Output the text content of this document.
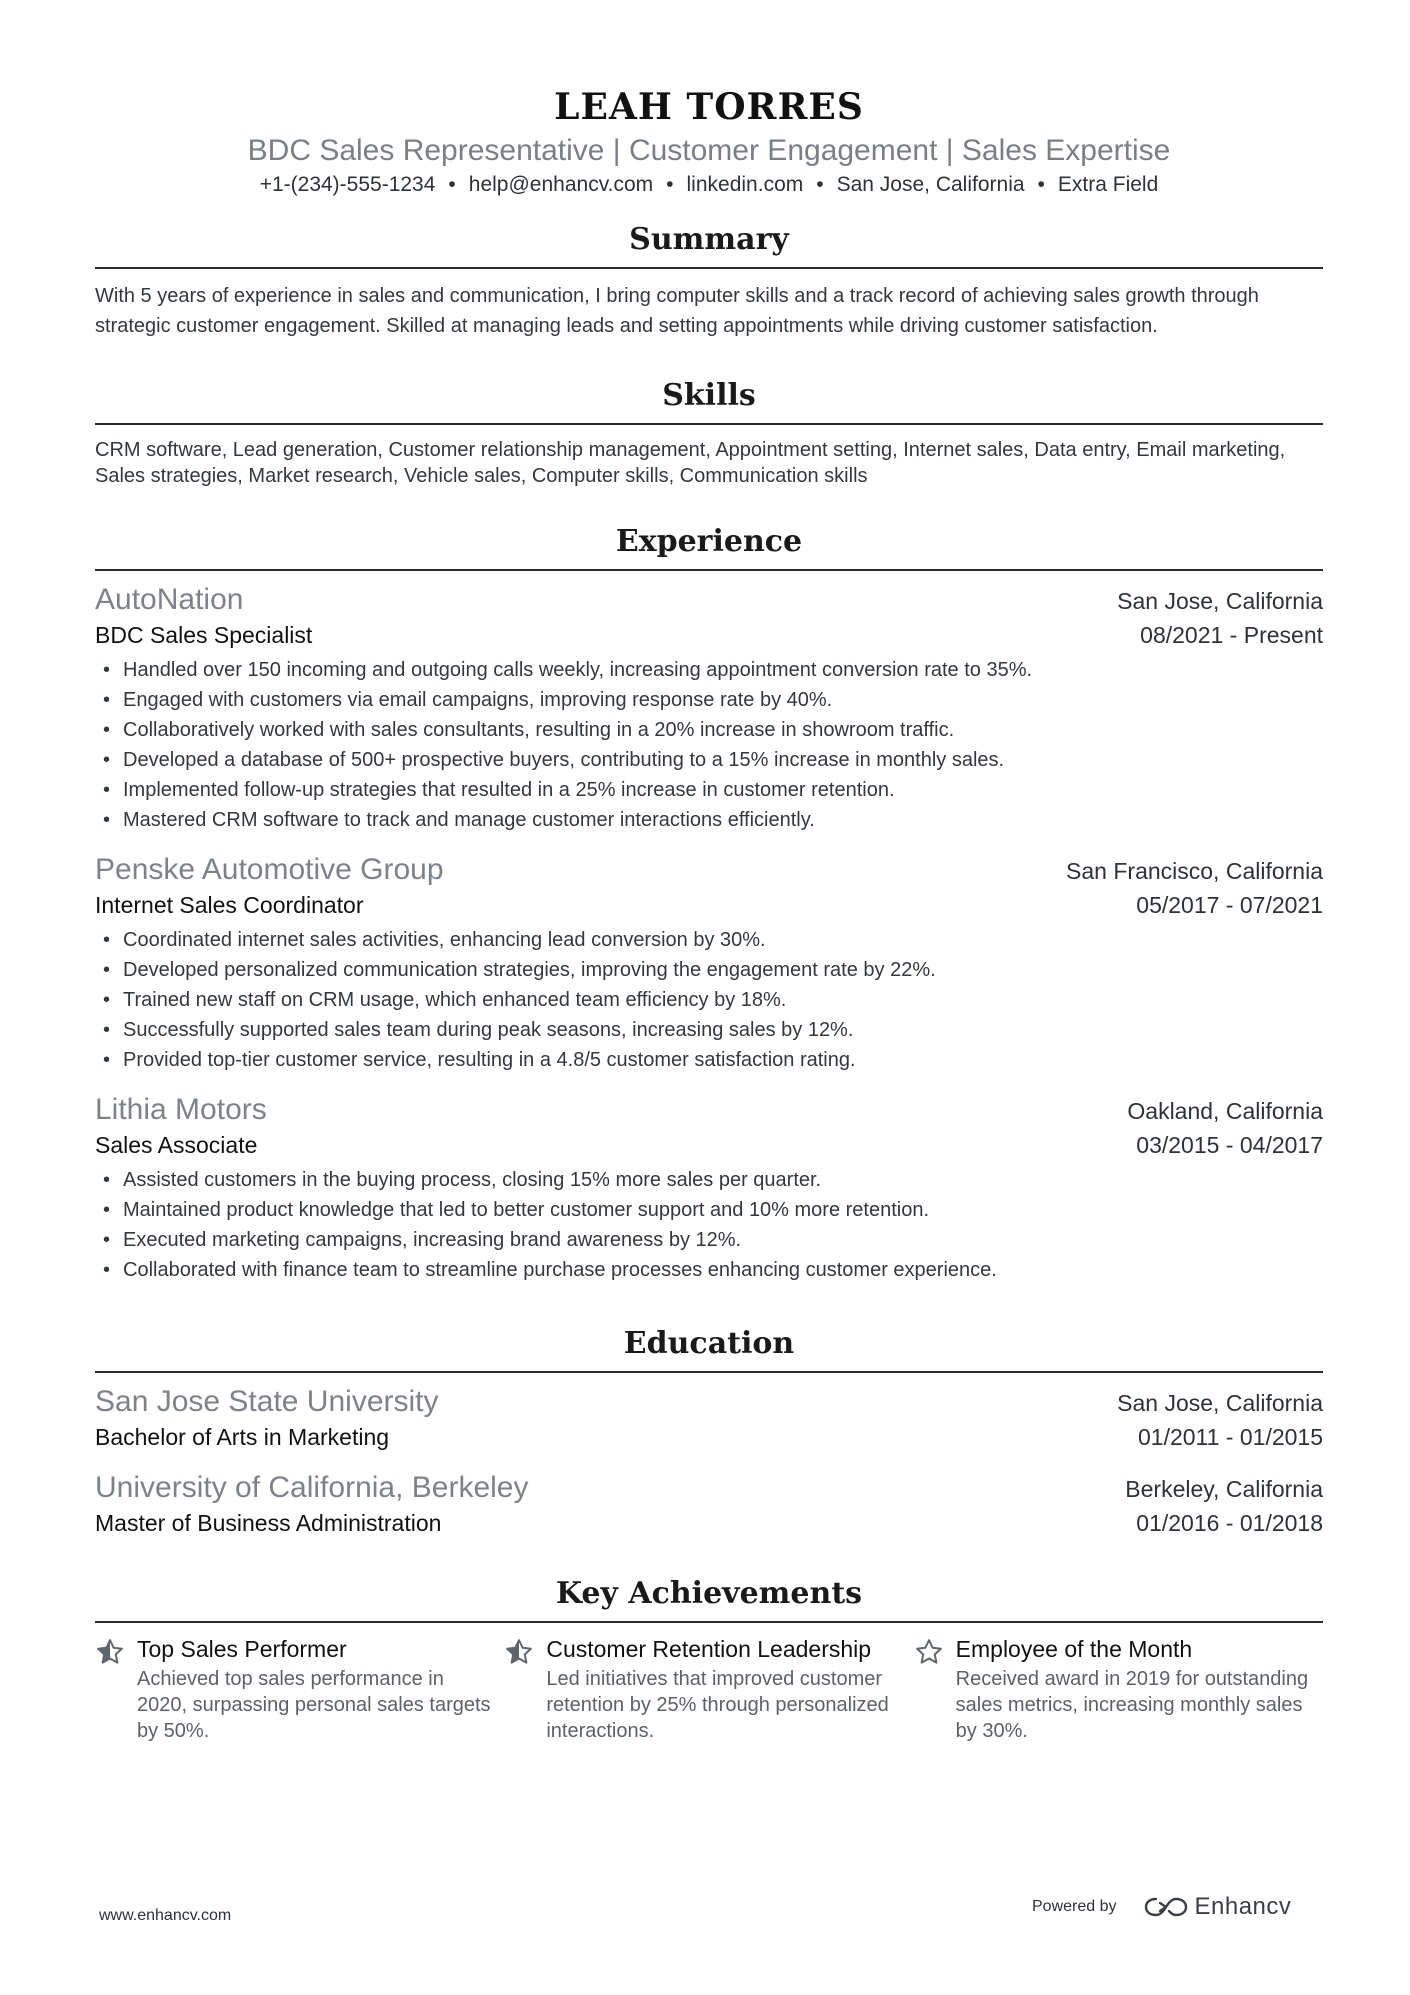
LEAH TORRES
BDC Sales Representative | Customer Engagement | Sales Expertise
+1-(234)-555-1234 • help@enhancv.com • linkedin.com • San Jose, California • Extra Field
Summary
With 5 years of experience in sales and communication, I bring computer skills and a track record of achieving sales growth through strategic customer engagement. Skilled at managing leads and setting appointments while driving customer satisfaction.
Skills
CRM software, Lead generation, Customer relationship management, Appointment setting, Internet sales, Data entry, Email marketing, Sales strategies, Market research, Vehicle sales, Computer skills, Communication skills
Experience
AutoNation	San Jose, California
BDC Sales Specialist	08/2021 - Present
• Handled over 150 incoming and outgoing calls weekly, increasing appointment conversion rate to 35%.
• Engaged with customers via email campaigns, improving response rate by 40%.
• Collaboratively worked with sales consultants, resulting in a 20% increase in showroom traffic.
• Developed a database of 500+ prospective buyers, contributing to a 15% increase in monthly sales.
• Implemented follow-up strategies that resulted in a 25% increase in customer retention.
• Mastered CRM software to track and manage customer interactions efficiently.
Penske Automotive Group	San Francisco, California
Internet Sales Coordinator	05/2017 - 07/2021
• Coordinated internet sales activities, enhancing lead conversion by 30%.
• Developed personalized communication strategies, improving the engagement rate by 22%.
• Trained new staff on CRM usage, which enhanced team efficiency by 18%.
• Successfully supported sales team during peak seasons, increasing sales by 12%.
• Provided top-tier customer service, resulting in a 4.8/5 customer satisfaction rating.
Lithia Motors	Oakland, California
Sales Associate	03/2015 - 04/2017
• Assisted customers in the buying process, closing 15% more sales per quarter.
• Maintained product knowledge that led to better customer support and 10% more retention.
• Executed marketing campaigns, increasing brand awareness by 12%.
• Collaborated with finance team to streamline purchase processes enhancing customer experience.
Education
San Jose State University	San Jose, California
Bachelor of Arts in Marketing	01/2011 - 01/2015
University of California, Berkeley	Berkeley, California
Master of Business Administration	01/2016 - 01/2018
Key Achievements
Top Sales Performer
Achieved top sales performance in 2020, surpassing personal sales targets by 50%.
Customer Retention Leadership
Led initiatives that improved customer retention by 25% through personalized interactions.
Employee of the Month
Received award in 2019 for outstanding sales metrics, increasing monthly sales by 30%.
www.enhancv.com
Powered by	Enhancv
